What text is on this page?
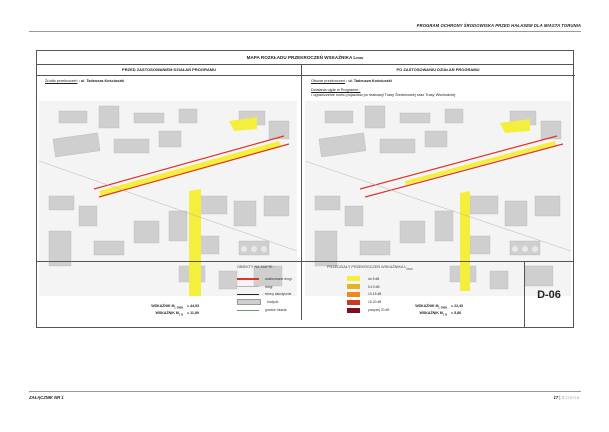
PROGRAM OCHRONY ŚRODOWISKA PRZED HAŁASEM DLA MIASTA TORUNIA
MAPA ROZKŁADU PRZEKROCZEŃ WSKAŹNIKA L DWN
PRZED ZASTOSOWANIEM DZIAŁAŃ PROGRAMU	PO ZASTOSOWANIU DZIAŁAŃ PROGRAMU
Źródło przekroczeń : ul. Tadeusza Kościuszki	Obszar przekroczeń : ul. Tadeusza Kościuszki
Działania ujęte w Programie :
• ograniczenie ruchu pojazdów po realizacji Trasy Średnicowej oraz Trasy Wschodniej.
WSKAŹNIK $M_{L DWN}= 44,93$
WSKAŹNIK $M_{L N}= 11,89$
WSKAŹNIK $M_{L DWN}= 22,40$
WSKAŹNIK $M_{L N}= 5,86$
OBIEKTY NA MAPIE :
analizowane drogi
drogi
strony akustyczne
budynki
granice miasta
PRZEDZIAŁY PRZEKROCZEŃ WSKAŹNIKA $L_{DWN}$
do 5 dB
5-10 dB
10-15 dB
15-20 dB
powyżej 20 dB
D-06
ZAŁĄCZNIK NR 1	17 | Strona
